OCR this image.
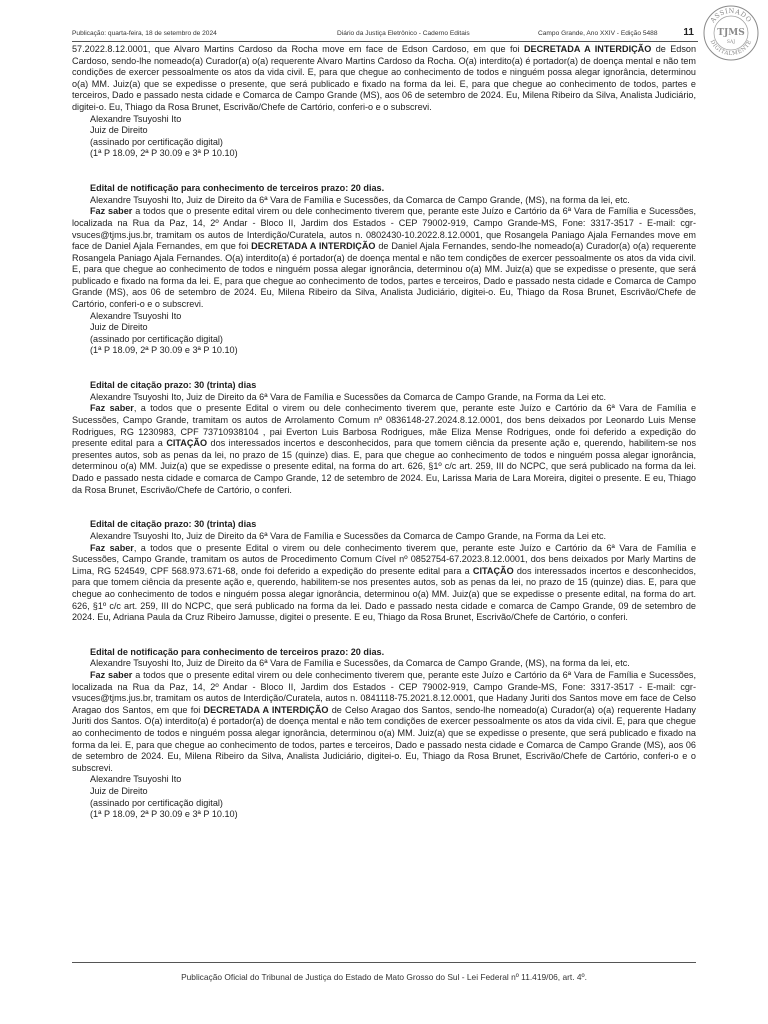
Publicação: quarta-feira, 18 de setembro de 2024	Diário da Justiça Eletrônico - Caderno Editais	Campo Grande, Ano XXIV - Edição 5488	11
ASSINADO
DIGITALMENTE
TJMS
SAJ

57.2022.8.12.0001, que Alvaro Martins Cardoso da Rocha move em face de Edson Cardoso, em que foi DECRETADA A INTERDIÇÃO de Edson Cardoso, sendo-lhe nomeado(a) Curador(a) o(a) requerente Alvaro Martins Cardoso da Rocha. O(a) interdito(a) é portador(a) de doença mental e não tem condições de exercer pessoalmente os atos da vida civil. E, para que chegue ao conhecimento de todos e ninguém possa alegar ignorância, determinou o(a) MM. Juiz(a) que se expedisse o presente, que será publicado e fixado na forma da lei. E, para que chegue ao conhecimento de todos, partes e terceiros, Dado e passado nesta cidade e Comarca de Campo Grande (MS), aos 06 de setembro de 2024. Eu, Milena Ribeiro da Silva, Analista Judiciário, digitei-o. Eu, Thiago da Rosa Brunet, Escrivão/Chefe de Cartório, conferi-o e o subscrevi.

Alexandre Tsuyoshi Ito

Juiz de Direito

(assinado por certificação digital)

(1ª P 18.09, 2ª P 30.09 e 3ª P 10.10)

Edital de notificação para conhecimento de terceiros prazo: 20 dias.

Alexandre Tsuyoshi Ito, Juiz de Direito da 6ª Vara de Família e Sucessões, da Comarca de Campo Grande, (MS), na forma da lei, etc.

Faz saber a todos que o presente edital virem ou dele conhecimento tiverem que, perante este Juízo e Cartório da 6ª Vara de Família e Sucessões, localizada na Rua da Paz, 14, 2º Andar - Bloco II, Jardim dos Estados - CEP 79002-919, Campo Grande-MS, Fone: 3317-3517 - E-mail: cgr-vsuces@tjms.jus.br, tramitam os autos de Interdição/Curatela, autos n. 0802430-10.2022.8.12.0001, que Rosangela Paniago Ajala Fernandes move em face de Daniel Ajala Fernandes, em que foi DECRETADA A INTERDIÇÃO de Daniel Ajala Fernandes, sendo-lhe nomeado(a) Curador(a) o(a) requerente Rosangela Paniago Ajala Fernandes. O(a) interdito(a) é portador(a) de doença mental e não tem condições de exercer pessoalmente os atos da vida civil. E, para que chegue ao conhecimento de todos e ninguém possa alegar ignorância, determinou o(a) MM. Juiz(a) que se expedisse o presente, que será publicado e fixado na forma da lei. E, para que chegue ao conhecimento de todos, partes e terceiros, Dado e passado nesta cidade e Comarca de Campo Grande (MS), aos 06 de setembro de 2024. Eu, Milena Ribeiro da Silva, Analista Judiciário, digitei-o. Eu, Thiago da Rosa Brunet, Escrivão/Chefe de Cartório, conferi-o e o subscrevi.

Alexandre Tsuyoshi Ito

Juiz de Direito

(assinado por certificação digital)

(1ª P 18.09, 2ª P 30.09 e 3ª P 10.10)

Edital de citação prazo: 30 (trinta) dias

Alexandre Tsuyoshi Ito, Juiz de Direito da 6ª Vara de Família e Sucessões da Comarca de Campo Grande, na Forma da Lei etc.

Faz saber, a todos que o presente Edital o virem ou dele conhecimento tiverem que, perante este Juízo e Cartório da 6ª Vara de Família e Sucessões, Campo Grande, tramitam os autos de Arrolamento Comum nº 0836148-27.2024.8.12.0001, dos bens deixados por Leonardo Luis Mense Rodrigues, RG 1230983, CPF 73710938104 , pai Everton Luis Barbosa Rodrigues, mãe Eliza Mense Rodrigues, onde foi deferido a expedição do presente edital para a CITAÇÃO dos interessados incertos e desconhecidos, para que tomem ciência da presente ação e, querendo, habilitem-se nos presentes autos, sob as penas da lei, no prazo de 15 (quinze) dias. E, para que chegue ao conhecimento de todos e ninguém possa alegar ignorância, determinou o(a) MM. Juiz(a) que se expedisse o presente edital, na forma do art. 626, §1º c/c art. 259, III do NCPC, que será publicado na forma da lei. Dado e passado nesta cidade e comarca de Campo Grande, 12 de setembro de 2024. Eu, Larissa Maria de Lara Moreira, digitei o presente. E eu, Thiago da Rosa Brunet, Escrivão/Chefe de Cartório, o conferi.

Edital de citação prazo: 30 (trinta) dias

Alexandre Tsuyoshi Ito, Juiz de Direito da 6ª Vara de Família e Sucessões da Comarca de Campo Grande, na Forma da Lei etc.

Faz saber, a todos que o presente Edital o virem ou dele conhecimento tiverem que, perante este Juízo e Cartório da 6ª Vara de Família e Sucessões, Campo Grande, tramitam os autos de Procedimento Comum Cível nº 0852754-67.2023.8.12.0001, dos bens deixados por Marly Martins de Lima, RG 524549, CPF 568.973.671-68, onde foi deferido a expedição do presente edital para a CITAÇÃO dos interessados incertos e desconhecidos, para que tomem ciência da presente ação e, querendo, habilitem-se nos presentes autos, sob as penas da lei, no prazo de 15 (quinze) dias. E, para que chegue ao conhecimento de todos e ninguém possa alegar ignorância, determinou o(a) MM. Juiz(a) que se expedisse o presente edital, na forma do art. 626, §1º c/c art. 259, III do NCPC, que será publicado na forma da lei. Dado e passado nesta cidade e comarca de Campo Grande, 09 de setembro de 2024. Eu, Adriana Paula da Cruz Ribeiro Jamusse, digitei o presente. E eu, Thiago da Rosa Brunet, Escrivão/Chefe de Cartório, o conferi.

Edital de notificação para conhecimento de terceiros prazo: 20 dias.

Alexandre Tsuyoshi Ito, Juiz de Direito da 6ª Vara de Família e Sucessões, da Comarca de Campo Grande, (MS), na forma da lei, etc.

Faz saber a todos que o presente edital virem ou dele conhecimento tiverem que, perante este Juízo e Cartório da 6ª Vara de Família e Sucessões, localizada na Rua da Paz, 14, 2º Andar - Bloco II, Jardim dos Estados - CEP 79002-919, Campo Grande-MS, Fone: 3317-3517 - E-mail: cgr-vsuces@tjms.jus.br, tramitam os autos de Interdição/Curatela, autos n. 0841118-75.2021.8.12.0001, que Hadany Juriti dos Santos move em face de Celso Aragao dos Santos, em que foi DECRETADA A INTERDIÇÃO de Celso Aragao dos Santos, sendo-lhe nomeado(a) Curador(a) o(a) requerente Hadany Juriti dos Santos. O(a) interdito(a) é portador(a) de doença mental e não tem condições de exercer pessoalmente os atos da vida civil. E, para que chegue ao conhecimento de todos e ninguém possa alegar ignorância, determinou o(a) MM. Juiz(a) que se expedisse o presente, que será publicado e fixado na forma da lei. E, para que chegue ao conhecimento de todos, partes e terceiros, Dado e passado nesta cidade e Comarca de Campo Grande (MS), aos 06 de setembro de 2024. Eu, Milena Ribeiro da Silva, Analista Judiciário, digitei-o. Eu, Thiago da Rosa Brunet, Escrivão/Chefe de Cartório, conferi-o e o subscrevi.

Alexandre Tsuyoshi Ito

Juiz de Direito

(assinado por certificação digital)

(1ª P 18.09, 2ª P 30.09 e 3ª P 10.10)

Publicação Oficial do Tribunal de Justiça do Estado de Mato Grosso do Sul - Lei Federal nº 11.419/06, art. 4º.
